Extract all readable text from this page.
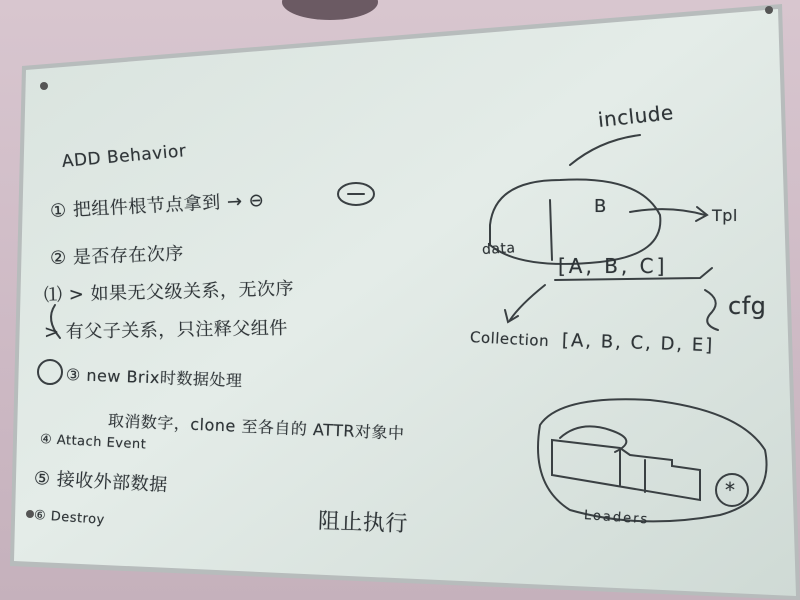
ADD Behavior

① 把组件根节点拿到 → ⊖

② 是否存在次序

⑴ > 如果无父级关系，无次序

> 有父子关系，只注释父组件

③ new Brix时数据处理

取消数字，clone 至各自的 ATTR对象中

④ Attach Event

⑤ 接收外部数据

⑥ Destroy	阻止执行

include

B

data

Tpl

[A, B, C]

cfg

Collection [A, B, C, D, E]

*

Loaders
